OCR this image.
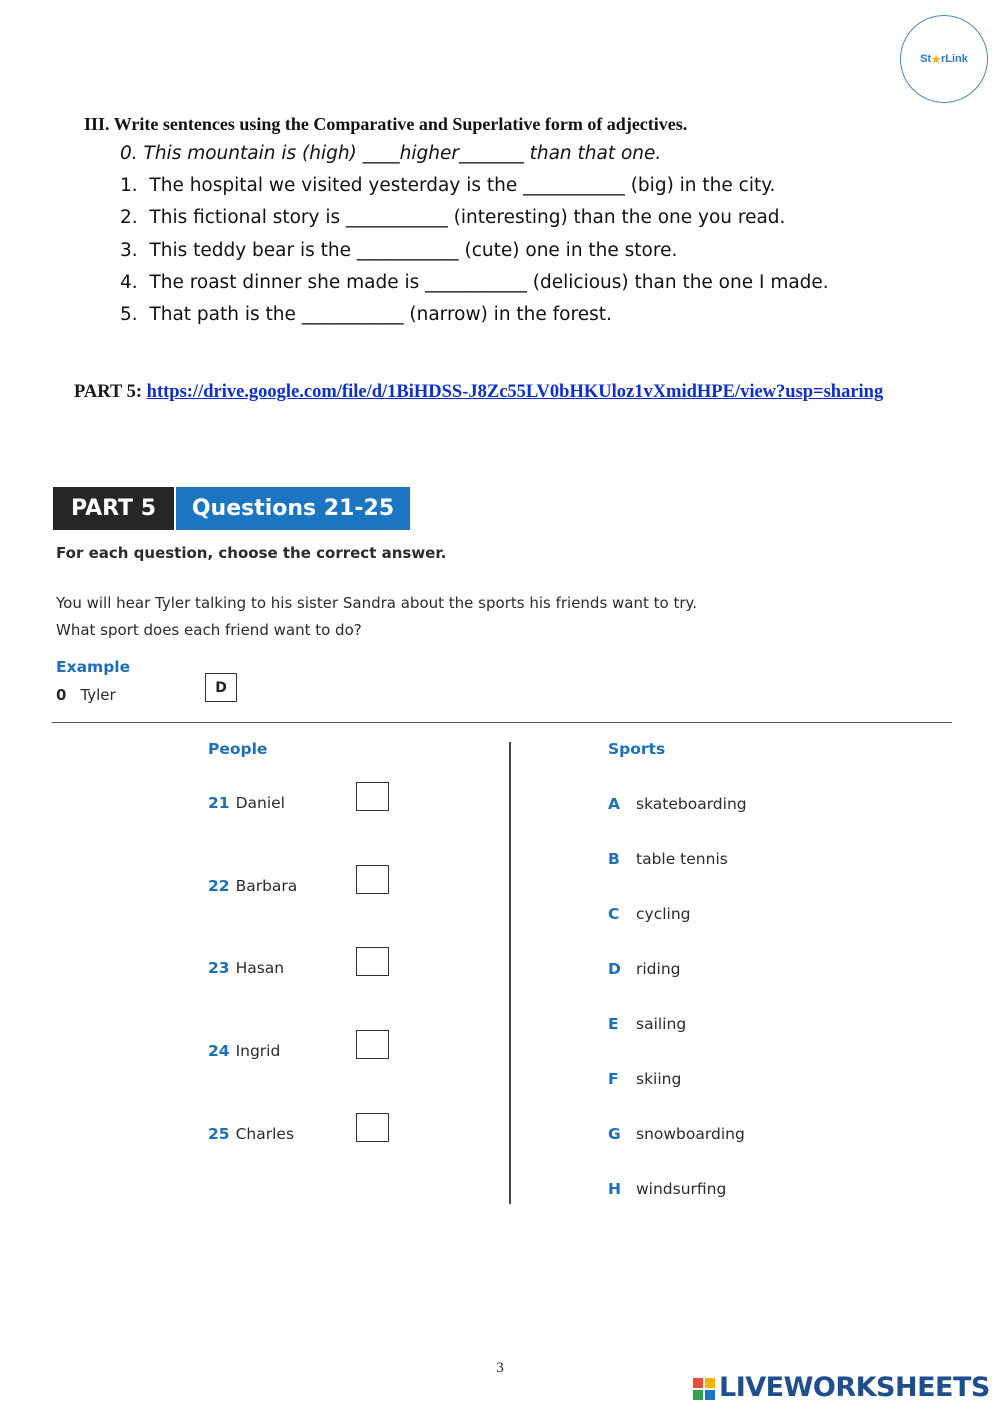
St ★ rLink
III. Write sentences using the Comparative and Superlative form of adjectives.
0. This mountain is (high) ____higher_______ than that one.
1.  The hospital we visited yesterday is the ___________ (big) in the city.
2.  This fictional story is ___________ (interesting) than the one you read.
3.  This teddy bear is the ___________ (cute) one in the store.
4.  The roast dinner she made is ___________ (delicious) than the one I made.
5.  That path is the ___________ (narrow) in the forest.
PART 5: https://drive.google.com/file/d/1BiHDSS-J8Zc55LV0bHKUloz1vXmidHPE/view?usp=sharing
PART 5	Questions 21-25
For each question, choose the correct answer.
You will hear Tyler talking to his sister Sandra about the sports his friends want to try.
What sport does each friend want to do?
Example
0 Tyler	D
People	Sports
21 Daniel
22 Barbara
23 Hasan
24 Ingrid
25 Charles
A skateboarding
B table tennis
C cycling
D riding
E sailing
F skiing
G snowboarding
H windsurfing
3
LIVEWORKSHEETS
